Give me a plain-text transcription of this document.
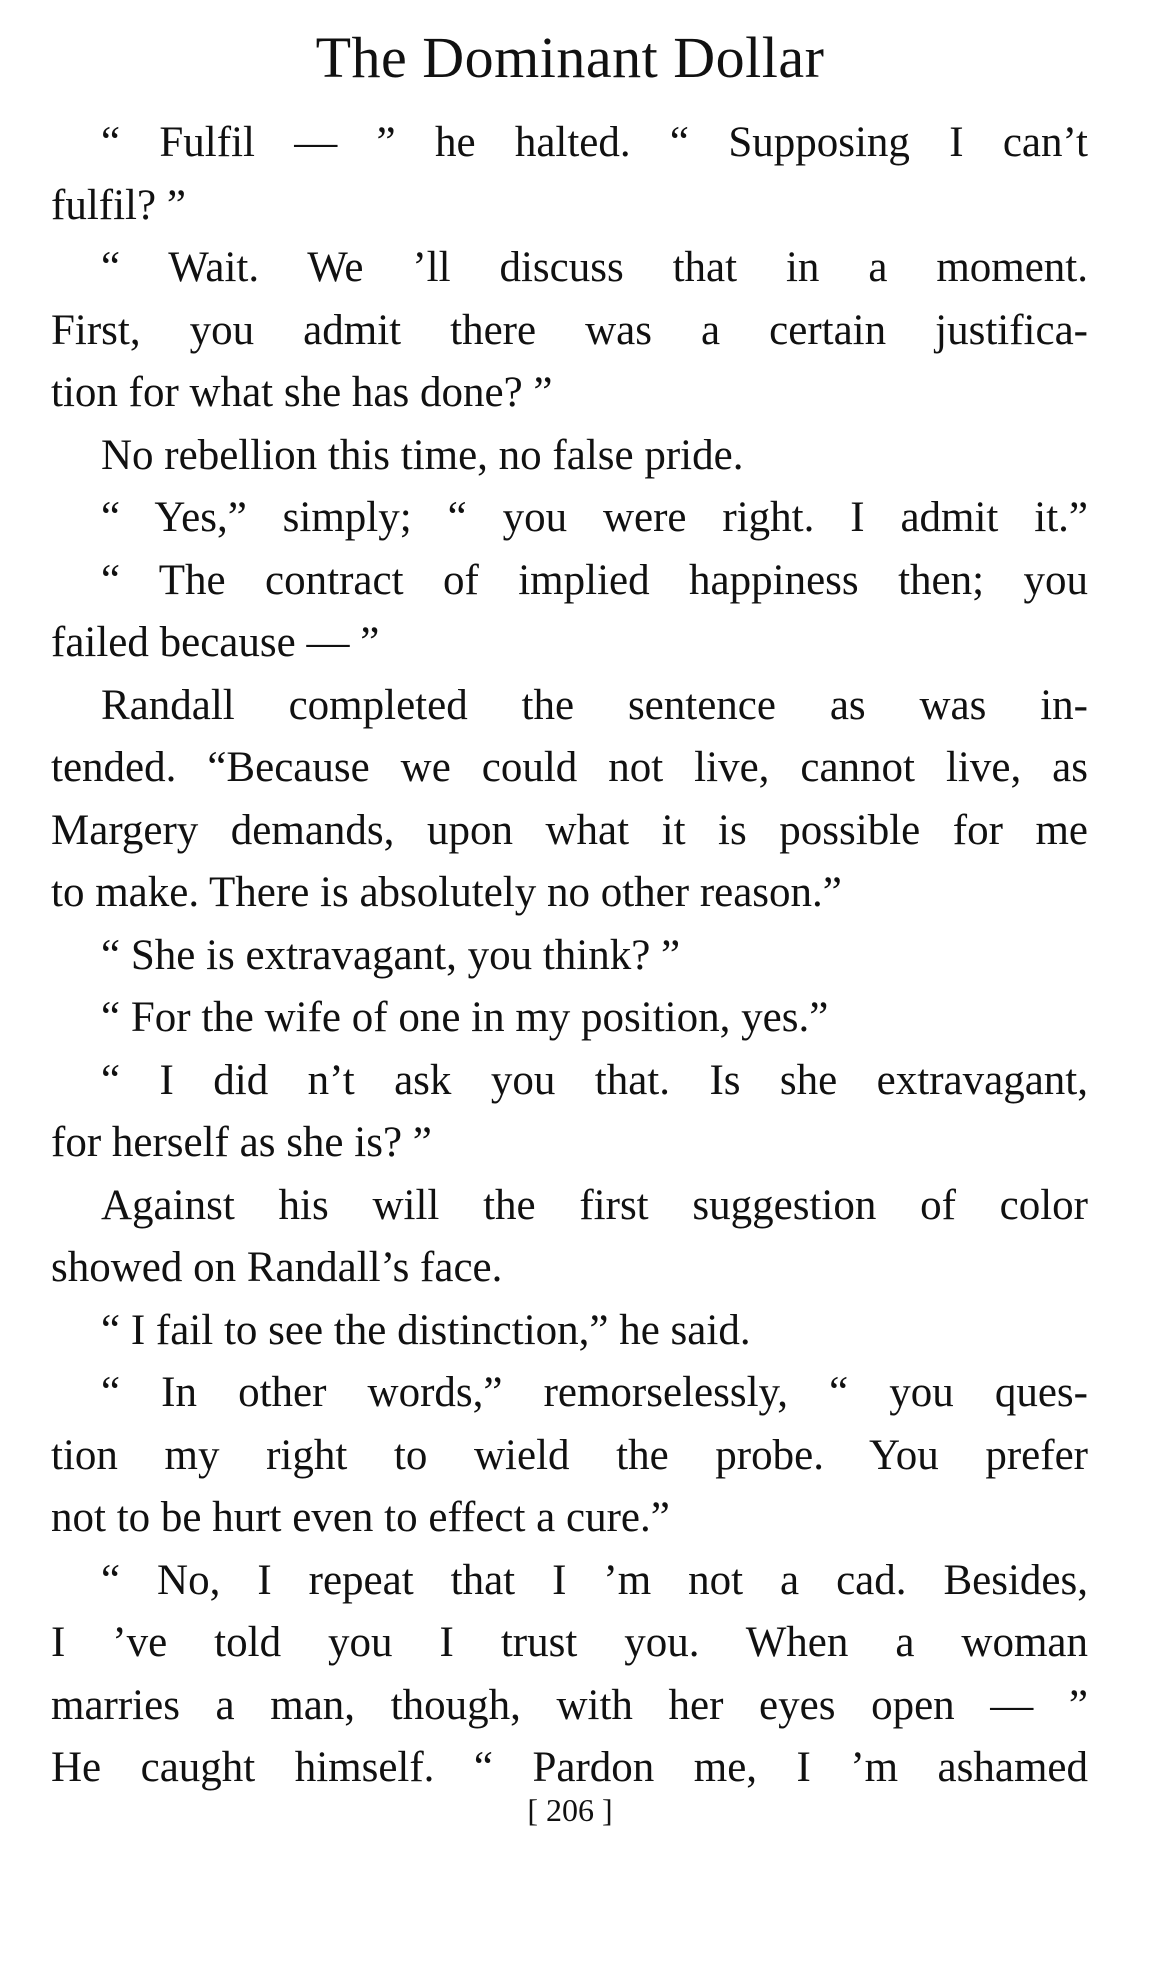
The Dominant Dollar
“ Fulfil — ” he halted. “ Supposing I can’t
fulfil? ”
“ Wait. We ’ll discuss that in a moment.
First, you admit there was a certain justifica-
tion for what she has done? ”
No rebellion this time, no false pride.
“ Yes,” simply; “ you were right. I admit it.”
“ The contract of implied happiness then; you
failed because — ”
Randall completed the sentence as was in-
tended. “Because we could not live, cannot live, as
Margery demands, upon what it is possible for me
to make. There is absolutely no other reason.”
“ She is extravagant, you think? ”
“ For the wife of one in my position, yes.”
“ I did n’t ask you that. Is she extravagant,
for herself as she is? ”
Against his will the first suggestion of color
showed on Randall’s face.
“ I fail to see the distinction,” he said.
“ In other words,” remorselessly, “ you ques-
tion my right to wield the probe. You prefer
not to be hurt even to effect a cure.”
“ No, I repeat that I ’m not a cad. Besides,
I ’ve told you I trust you. When a woman
marries a man, though, with her eyes open — ”
He caught himself. “ Pardon me, I ’m ashamed
[ 206 ]
